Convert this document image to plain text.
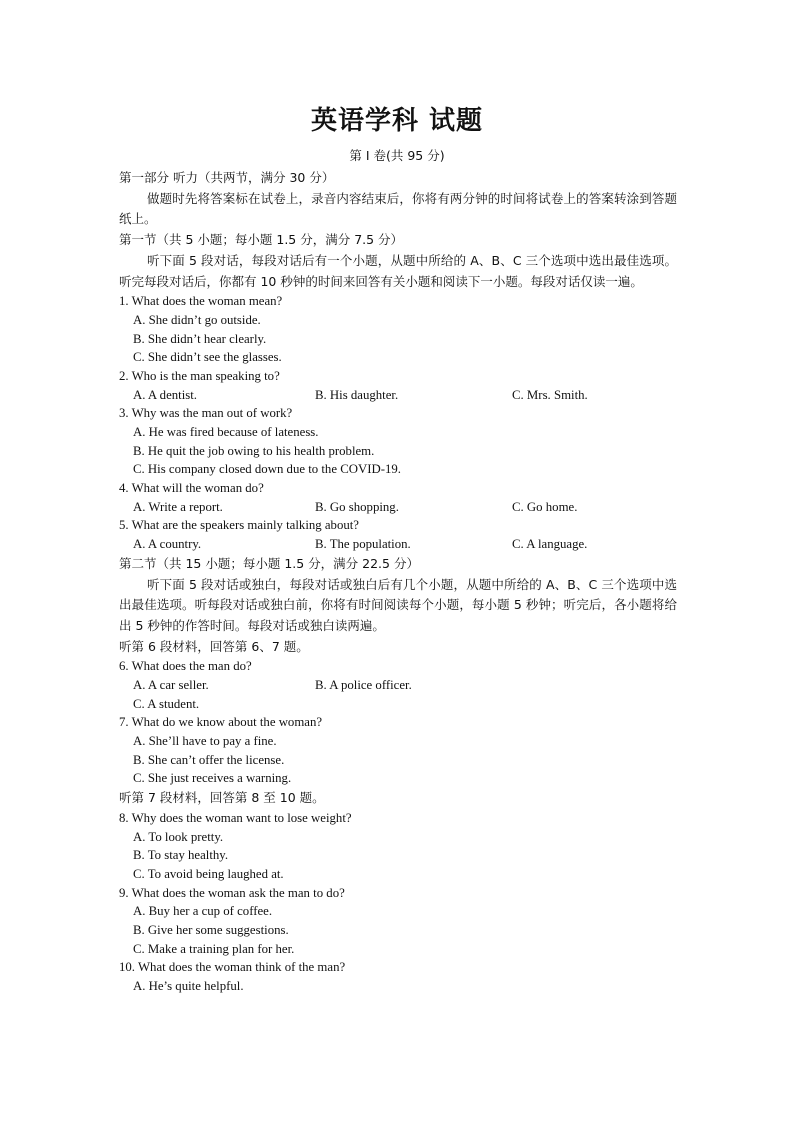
英语学科 试题
第 I 卷(共 95 分)
第一部分 听力（共两节，满分 30 分）
做题时先将答案标在试卷上，录音内容结束后，你将有两分钟的时间将试卷上的答案转涂到答题纸上。
第一节（共 5 小题；每小题 1.5 分，满分 7.5 分）
听下面 5 段对话，每段对话后有一个小题，从题中所给的 A、B、C 三个选项中选出最佳选项。听完每段对话后，你都有 10 秒钟的时间来回答有关小题和阅读下一小题。每段对话仅读一遍。
1. What does the woman mean?
A. She didn’t go outside.
B. She didn’t hear clearly.
C. She didn’t see the glasses.
2. Who is the man speaking to?
A. A dentist.	B. His daughter.	C. Mrs. Smith.
3. Why was the man out of work?
A. He was fired because of lateness.
B. He quit the job owing to his health problem.
C. His company closed down due to the COVID-19.
4. What will the woman do?
A. Write a report.	B. Go shopping.	C. Go home.
5. What are the speakers mainly talking about?
A. A country.	B. The population.	C. A language.
第二节（共 15 小题；每小题 1.5 分，满分 22.5 分）
听下面 5 段对话或独白，每段对话或独白后有几个小题，从题中所给的 A、B、C 三个选项中选出最佳选项。听每段对话或独白前，你将有时间阅读每个小题，每小题 5 秒钟；听完后，各小题将给出 5 秒钟的作答时间。每段对话或独白读两遍。
听第 6 段材料，回答第 6、7 题。
6. What does the man do?
A. A car seller.	B. A police officer.
C. A student.
7. What do we know about the woman?
A. She’ll have to pay a fine.
B. She can’t offer the license.
C. She just receives a warning.
听第 7 段材料，回答第 8 至 10 题。
8. Why does the woman want to lose weight?
A. To look pretty.
B. To stay healthy.
C. To avoid being laughed at.
9. What does the woman ask the man to do?
A. Buy her a cup of coffee.
B. Give her some suggestions.
C. Make a training plan for her.
10. What does the woman think of the man?
A. He’s quite helpful.
